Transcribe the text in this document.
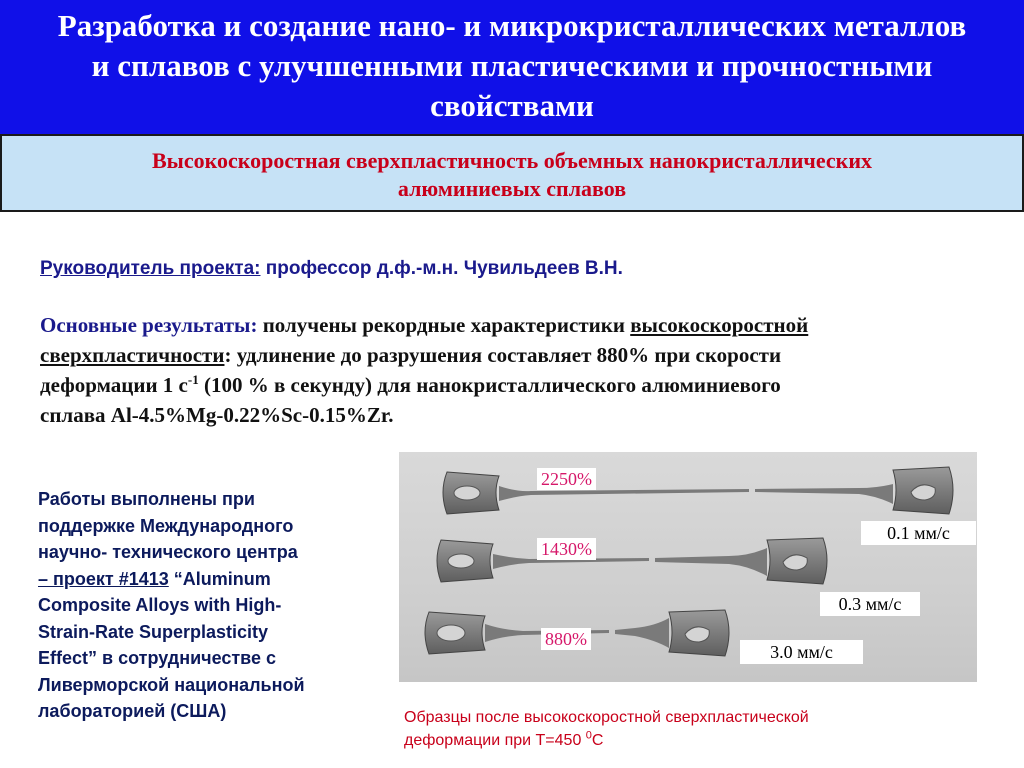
Разработка и создание нано- и микрокристаллических металлов
и сплавов с улучшенными пластическими и прочностными
свойствами
Высокоскоростная сверхпластичность объемных нанокристаллических
алюминиевых сплавов
Руководитель проекта: профессор д.ф.-м.н. Чувильдеев В.Н.
Основные результаты: получены рекордные характеристики высокоскоростной
сверхпластичности: удлинение до разрушения составляет 880% при скорости
деформации 1 $с^{-1}$ (100 % в секунду) для нанокристаллического алюминиевого
сплава Al-4.5%Mg-0.22%Sc-0.15%Zr.
Работы выполнены при
поддержке Международного
научно- технического центра
– проект #1413 “Aluminum
Composite Alloys with High-
Strain-Rate Superplasticity
Effect” в сотрудничестве с
Ливерморской национальной
лабораторией (США)
2250%
1430%
880%
0.1 мм/с
0.3 мм/с
3.0 мм/с
Образцы после высокоскоростной сверхпластической
деформации при Т=450 $^0$С
